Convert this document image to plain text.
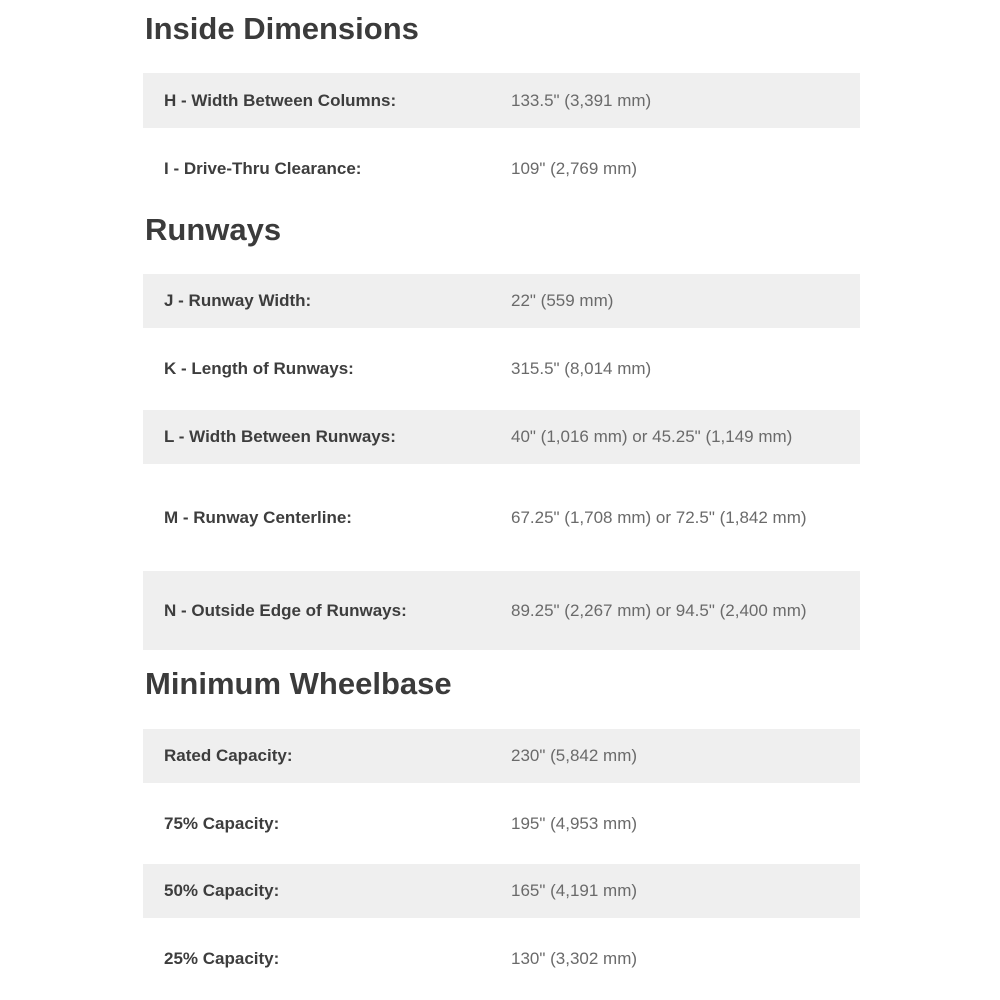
Inside Dimensions
H - Width Between Columns:	133.5" (3,391 mm)
I - Drive-Thru Clearance:	109" (2,769 mm)
Runways
J - Runway Width:	22" (559 mm)
K - Length of Runways:	315.5" (8,014 mm)
L - Width Between Runways:	40" (1,016 mm) or 45.25" (1,149 mm)
M - Runway Centerline:	67.25" (1,708 mm) or 72.5" (1,842 mm)
N - Outside Edge of Runways:	89.25" (2,267 mm) or 94.5" (2,400 mm)
Minimum Wheelbase
Rated Capacity:	230" (5,842 mm)
75% Capacity:	195" (4,953 mm)
50% Capacity:	165" (4,191 mm)
25% Capacity:	130" (3,302 mm)
